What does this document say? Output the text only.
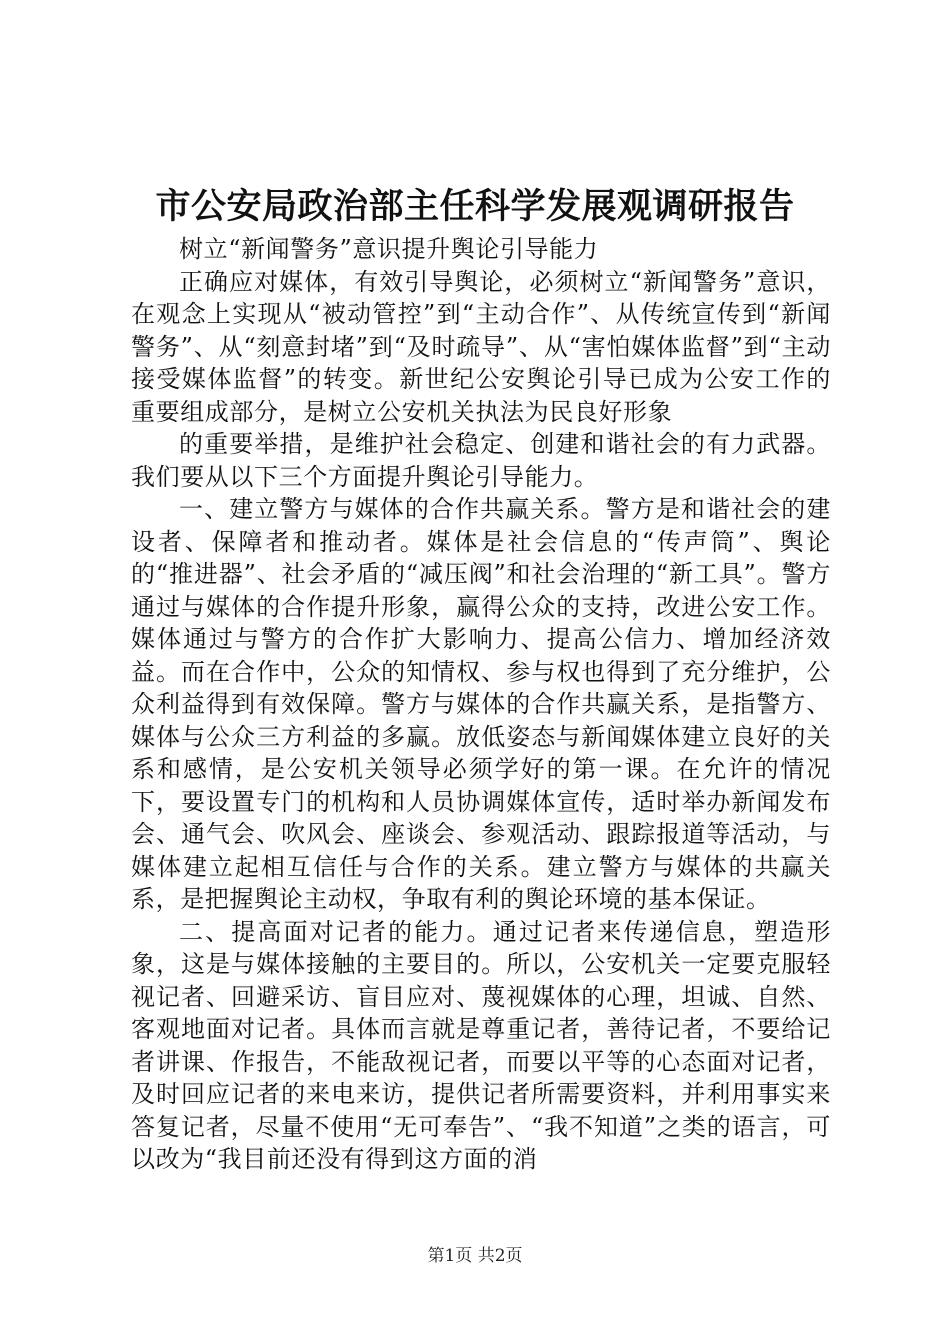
市公安局政治部主任科学发展观调研报告

树立“新闻警务”意识提升舆论引导能力

正确应对媒体，有效引导舆论，必须树立“新闻警务”意识，在观念上实现从“被动管控”到“主动合作”、从传统宣传到“新闻警务”、从“刻意封堵”到“及时疏导”、从“害怕媒体监督”到“主动接受媒体监督”的转变。新世纪公安舆论引导已成为公安工作的重要组成部分，是树立公安机关执法为民良好形象

的重要举措，是维护社会稳定、创建和谐社会的有力武器。我们要从以下三个方面提升舆论引导能力。

一、建立警方与媒体的合作共赢关系。警方是和谐社会的建设者、保障者和推动者。媒体是社会信息的“传声筒”、舆论的“推进器”、社会矛盾的“减压阀”和社会治理的“新工具”。警方通过与媒体的合作提升形象，赢得公众的支持，改进公安工作。媒体通过与警方的合作扩大影响力、提高公信力、增加经济效益。而在合作中，公众的知情权、参与权也得到了充分维护，公众利益得到有效保障。警方与媒体的合作共赢关系，是指警方、媒体与公众三方利益的多赢。放低姿态与新闻媒体建立良好的关系和感情，是公安机关领导必须学好的第一课。在允许的情况下，要设置专门的机构和人员协调媒体宣传，适时举办新闻发布会、通气会、吹风会、座谈会、参观活动、跟踪报道等活动，与媒体建立起相互信任与合作的关系。建立警方与媒体的共赢关系，是把握舆论主动权，争取有利的舆论环境的基本保证。

二、提高面对记者的能力。通过记者来传递信息，塑造形象，这是与媒体接触的主要目的。所以，公安机关一定要克服轻视记者、回避采访、盲目应对、蔑视媒体的心理，坦诚、自然、客观地面对记者。具体而言就是尊重记者，善待记者，不要给记者讲课、作报告，不能敌视记者，而要以平等的心态面对记者，及时回应记者的来电来访，提供记者所需要资料，并利用事实来答复记者，尽量不使用“无可奉告”、“我不知道”之类的语言，可以改为“我目前还没有得到这方面的消

第1页 共2页
